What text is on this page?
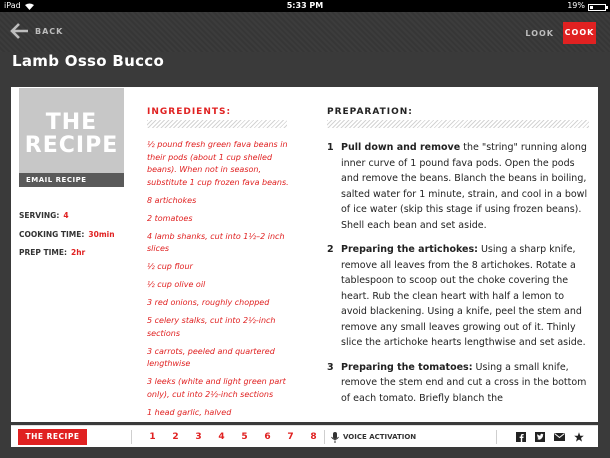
iPad	5:33 PM	19%
BACK	LOOK COOK
Lamb Osso Bucco
THE
RECIPE
EMAIL RECIPE
SERVING: 4
COOKING TIME: 30min
PREP TIME: 2hr
INGREDIENTS:
½ pound fresh green fava beans in their pods (about 1 cup shelled beans). When not in season, substitute 1 cup frozen fava beans.
8 artichokes
2 tomatoes
4 lamb shanks, cut into 1½–2 inch slices
½ cup flour
½ cup olive oil
3 red onions, roughly chopped
5 celery stalks, cut into 2½-inch sections
3 carrots, peeled and quartered lengthwise
3 leeks (white and light green part only), cut into 2½-inch sections
1 head garlic, halved
PREPARATION:
1 Pull down and remove the "string" running along inner curve of 1 pound fava pods. Open the pods and remove the beans. Blanch the beans in boiling, salted water for 1 minute, strain, and cool in a bowl of ice water (skip this stage if using frozen beans). Shell each bean and set aside.
2 Preparing the artichokes: Using a sharp knife, remove all leaves from the 8 artichokes. Rotate a tablespoon to scoop out the choke covering the heart. Rub the clean heart with half a lemon to avoid blackening. Using a knife, peel the stem and remove any small leaves growing out of it. Thinly slice the artichoke hearts lengthwise and set aside.
3 Preparing the tomatoes: Using a small knife, remove the stem end and cut a cross in the bottom of each tomato. Briefly blanch the
THE RECIPE	1	2	3	4	5	6	7	8	VOICE ACTIVATION
